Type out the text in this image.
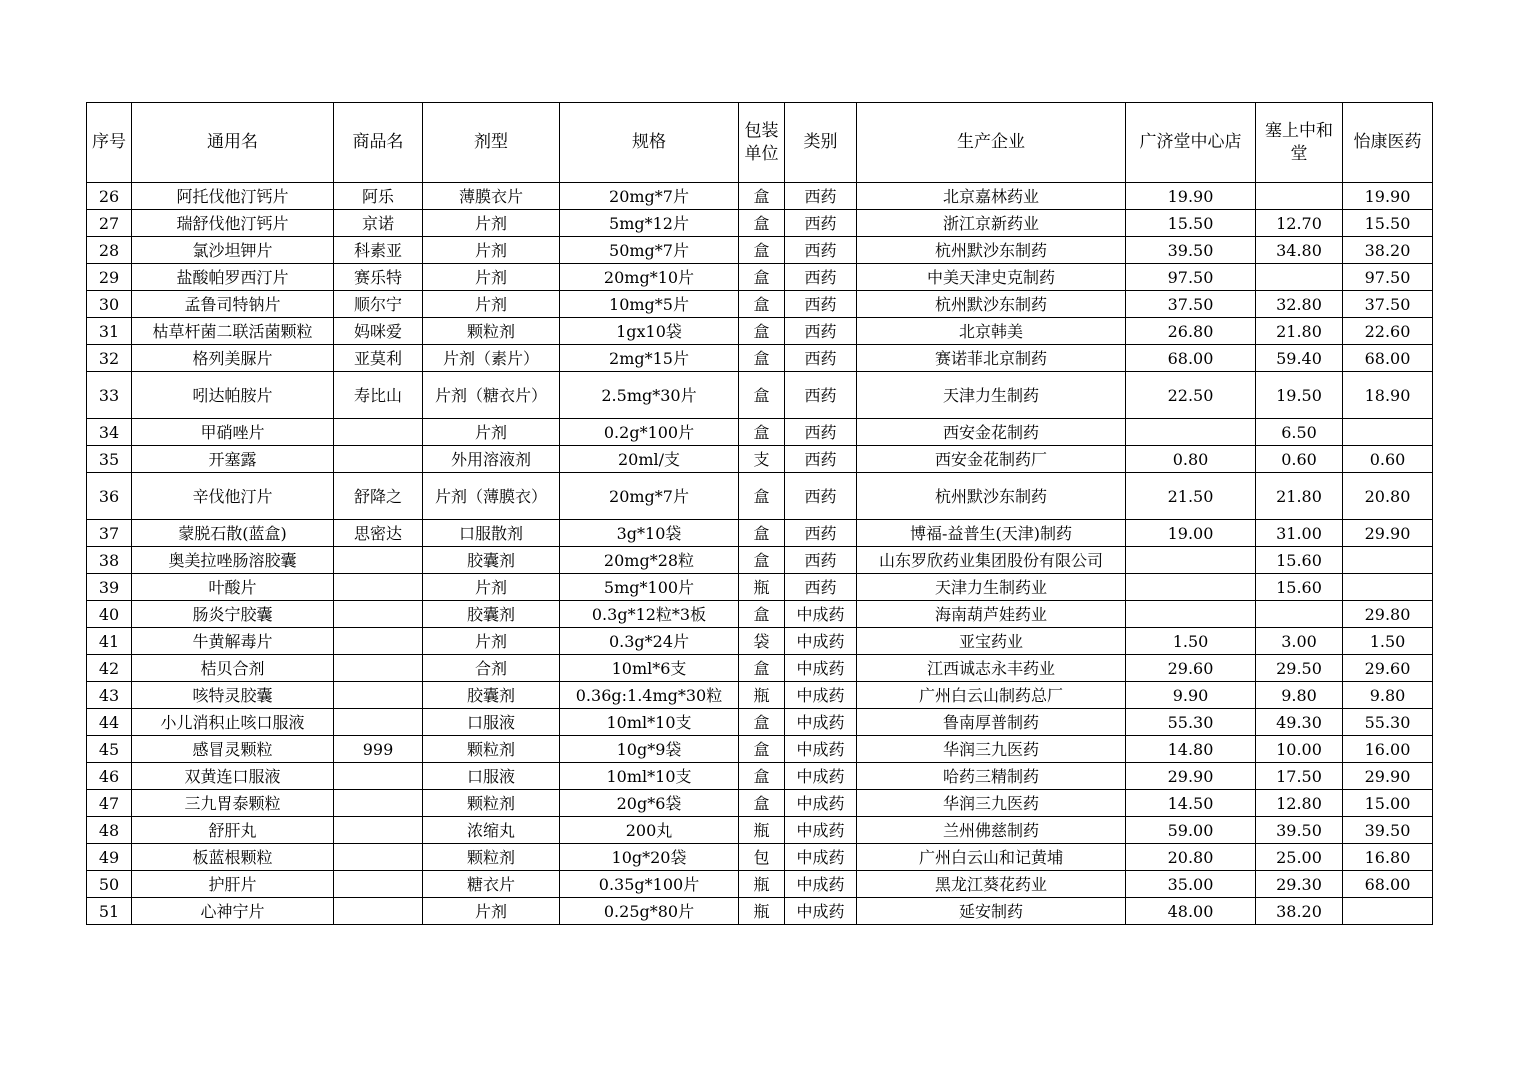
序号	通用名	商品名	剂型	规格	包装单位	类别	生产企业	广济堂中心店	塞上中和堂	怡康医药
26	阿托伐他汀钙片	阿乐	薄膜衣片	20mg*7片	盒	西药	北京嘉林药业	19.90		19.90
27	瑞舒伐他汀钙片	京诺	片剂	5mg*12片	盒	西药	浙江京新药业	15.50	12.70	15.50
28	氯沙坦钾片	科素亚	片剂	50mg*7片	盒	西药	杭州默沙东制药	39.50	34.80	38.20
29	盐酸帕罗西汀片	赛乐特	片剂	20mg*10片	盒	西药	中美天津史克制药	97.50		97.50
30	孟鲁司特钠片	顺尔宁	片剂	10mg*5片	盒	西药	杭州默沙东制药	37.50	32.80	37.50
31	枯草杆菌二联活菌颗粒	妈咪爱	颗粒剂	1gx10袋	盒	西药	北京韩美	26.80	21.80	22.60
32	格列美脲片	亚莫利	片剂（素片）	2mg*15片	盒	西药	赛诺菲北京制药	68.00	59.40	68.00
33	吲达帕胺片	寿比山	片剂（糖衣片）	2.5mg*30片	盒	西药	天津力生制药	22.50	19.50	18.90
34	甲硝唑片		片剂	0.2g*100片	盒	西药	西安金花制药		6.50	
35	开塞露		外用溶液剂	20ml/支	支	西药	西安金花制药厂	0.80	0.60	0.60
36	辛伐他汀片	舒降之	片剂（薄膜衣）	20mg*7片	盒	西药	杭州默沙东制药	21.50	21.80	20.80
37	蒙脱石散(蓝盒)	思密达	口服散剂	3g*10袋	盒	西药	博福-益普生(天津)制药	19.00	31.00	29.90
38	奥美拉唑肠溶胶囊		胶囊剂	20mg*28粒	盒	西药	山东罗欣药业集团股份有限公司		15.60	
39	叶酸片		片剂	5mg*100片	瓶	西药	天津力生制药业		15.60	
40	肠炎宁胶囊		胶囊剂	0.3g*12粒*3板	盒	中成药	海南葫芦娃药业			29.80
41	牛黄解毒片		片剂	0.3g*24片	袋	中成药	亚宝药业	1.50	3.00	1.50
42	桔贝合剂		合剂	10ml*6支	盒	中成药	江西诚志永丰药业	29.60	29.50	29.60
43	咳特灵胶囊		胶囊剂	0.36g:1.4mg*30粒	瓶	中成药	广州白云山制药总厂	9.90	9.80	9.80
44	小儿消积止咳口服液		口服液	10ml*10支	盒	中成药	鲁南厚普制药	55.30	49.30	55.30
45	感冒灵颗粒	999	颗粒剂	10g*9袋	盒	中成药	华润三九医药	14.80	10.00	16.00
46	双黄连口服液		口服液	10ml*10支	盒	中成药	哈药三精制药	29.90	17.50	29.90
47	三九胃泰颗粒		颗粒剂	20g*6袋	盒	中成药	华润三九医药	14.50	12.80	15.00
48	舒肝丸		浓缩丸	200丸	瓶	中成药	兰州佛慈制药	59.00	39.50	39.50
49	板蓝根颗粒		颗粒剂	10g*20袋	包	中成药	广州白云山和记黄埔	20.80	25.00	16.80
50	护肝片		糖衣片	0.35g*100片	瓶	中成药	黑龙江葵花药业	35.00	29.30	68.00
51	心神宁片		片剂	0.25g*80片	瓶	中成药	延安制药	48.00	38.20	
